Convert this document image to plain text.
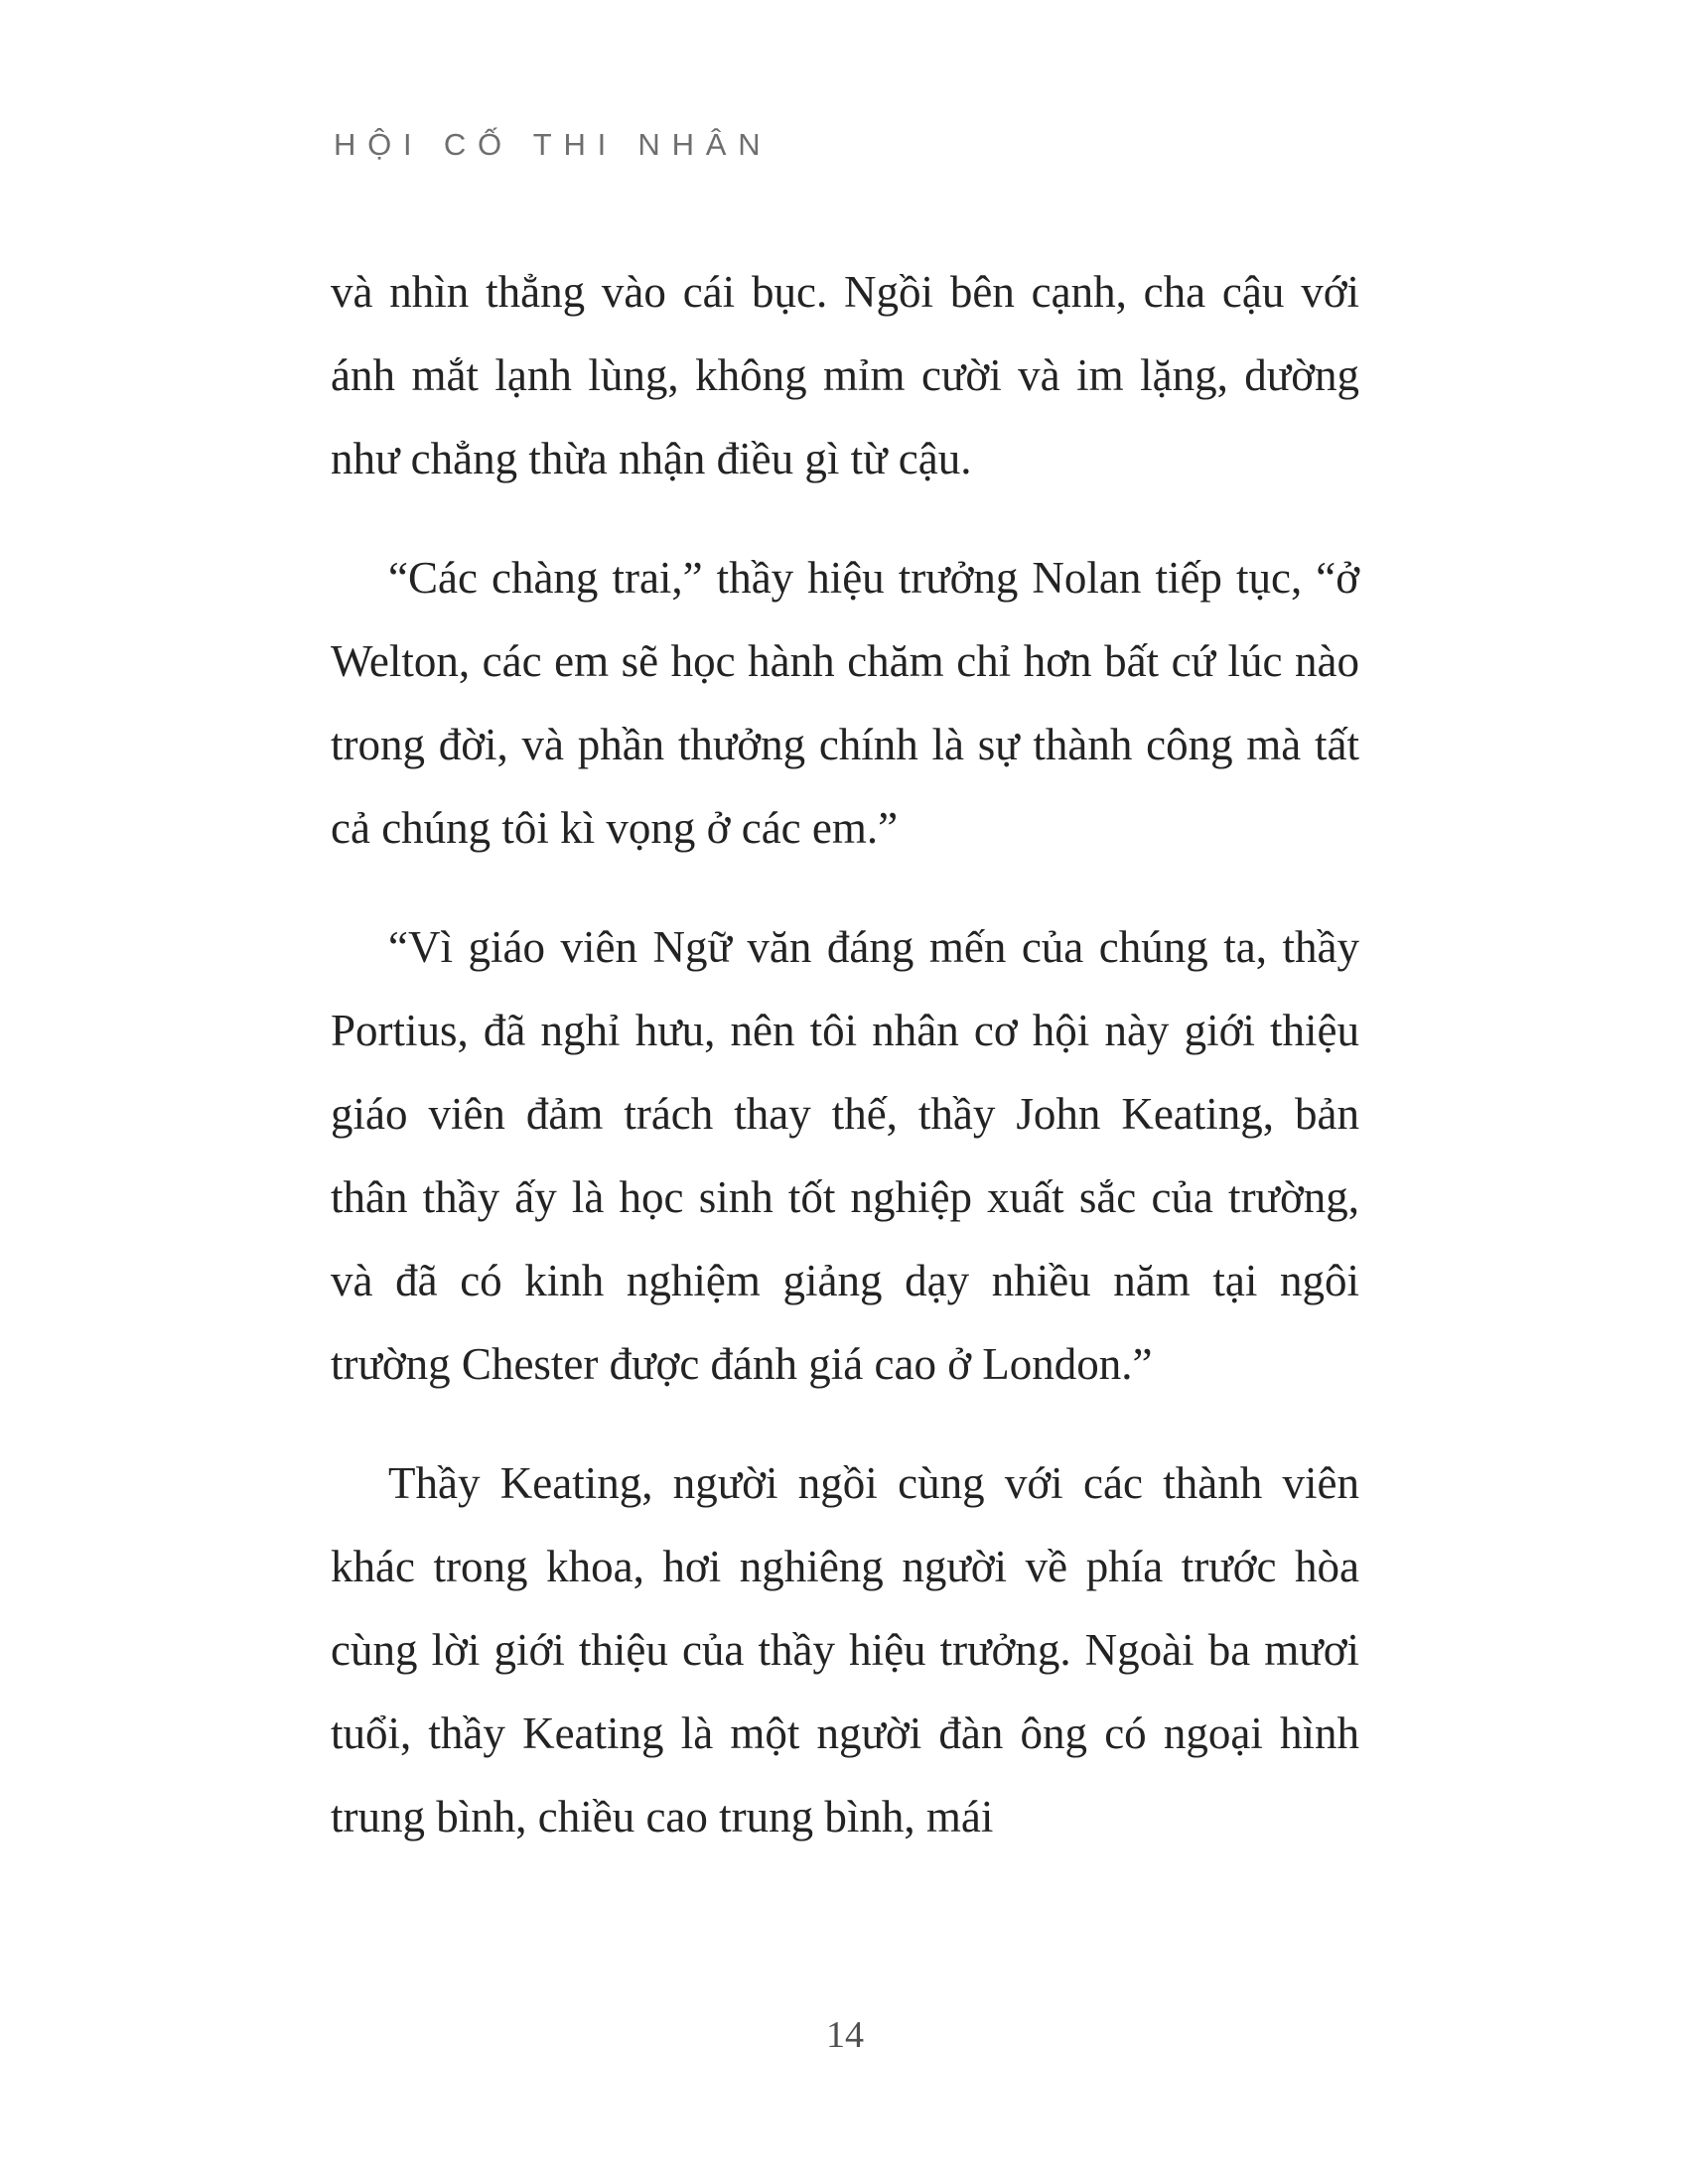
HỘI CỐ THI NHÂN

và nhìn thẳng vào cái bục. Ngồi bên cạnh, cha cậu với ánh mắt lạnh lùng, không mỉm cười và im lặng, dường như chẳng thừa nhận điều gì từ cậu.

“Các chàng trai,” thầy hiệu trưởng Nolan tiếp tục, “ở Welton, các em sẽ học hành chăm chỉ hơn bất cứ lúc nào trong đời, và phần thưởng chính là sự thành công mà tất cả chúng tôi kì vọng ở các em.”

“Vì giáo viên Ngữ văn đáng mến của chúng ta, thầy Portius, đã nghỉ hưu, nên tôi nhân cơ hội này giới thiệu giáo viên đảm trách thay thế, thầy John Keating, bản thân thầy ấy là học sinh tốt nghiệp xuất sắc của trường, và đã có kinh nghiệm giảng dạy nhiều năm tại ngôi trường Chester được đánh giá cao ở London.”

Thầy Keating, người ngồi cùng với các thành viên khác trong khoa, hơi nghiêng người về phía trước hòa cùng lời giới thiệu của thầy hiệu trưởng. Ngoài ba mươi tuổi, thầy Keating là một người đàn ông có ngoại hình trung bình, chiều cao trung bình, mái

14
